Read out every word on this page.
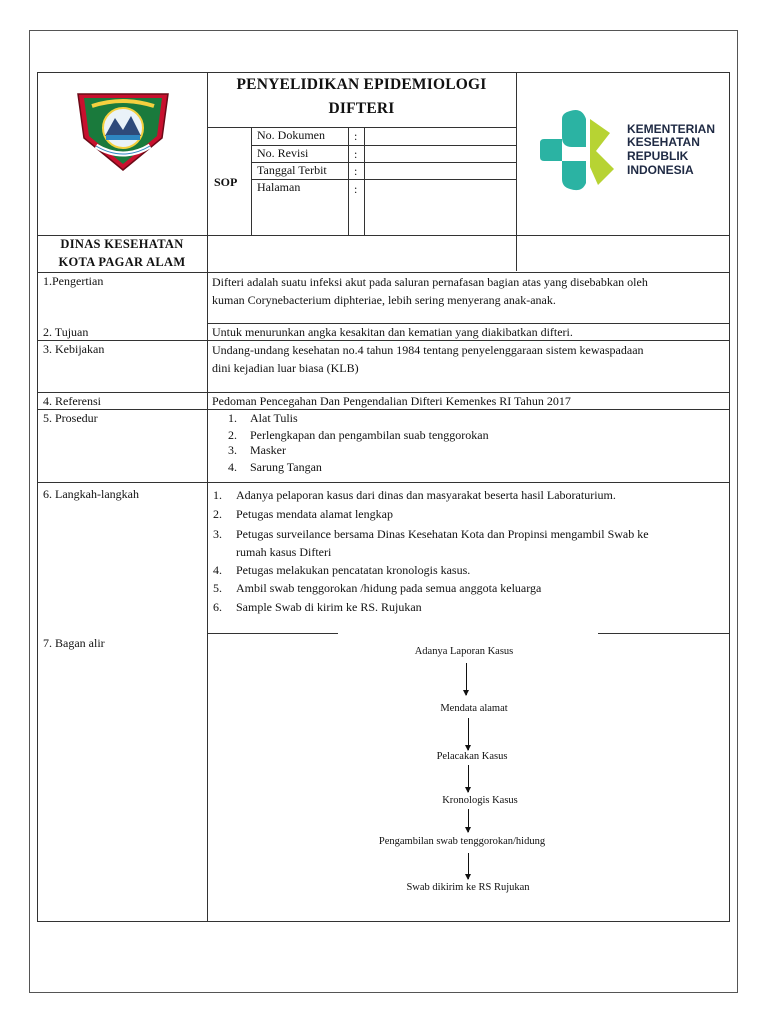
PENYELIDIKAN EPIDEMIOLOGI
DIFTERI
SOP
No. Dokumen :
No. Revisi	:
Tanggal Terbit :
Halaman	:
KEMENTERIAN
KESEHATAN
REPUBLIK
INDONESIA
DINAS KESEHATAN
KOTA PAGAR ALAM
1.Pengertian	Difteri adalah suatu infeksi akut pada saluran pernafasan bagian atas yang disebabkan oleh
kuman Corynebacterium diphteriae, lebih sering menyerang anak-anak.
2. Tujuan	Untuk menurunkan angka kesakitan dan kematian yang diakibatkan difteri.
3. Kebijakan	Undang-undang kesehatan no.4 tahun 1984 tentang penyelenggaraan sistem kewaspadaan
dini kejadian luar biasa (KLB)
4. Referensi	Pedoman Pencegahan Dan Pengendalian Difteri Kemenkes RI Tahun 2017
5. Prosedur	1. Alat Tulis
2. Perlengkapan dan pengambilan suab tenggorokan
3. Masker
4. Sarung Tangan
6. Langkah-langkah	1. Adanya pelaporan kasus dari dinas dan masyarakat beserta hasil Laboraturium.
2. Petugas mendata alamat lengkap
3. Petugas surveilance bersama Dinas Kesehatan Kota dan Propinsi mengambil Swab ke
rumah kasus Difteri
4. Petugas melakukan pencatatan kronologis kasus.
5. Ambil swab tenggorokan /hidung pada semua anggota keluarga
6. Sample Swab di kirim ke RS. Rujukan
7. Bagan alir
Adanya Laporan Kasus
Mendata alamat
Pelacakan Kasus
Kronologis Kasus
Pengambilan swab tenggorokan/hidung
Swab dikirim ke RS Rujukan
